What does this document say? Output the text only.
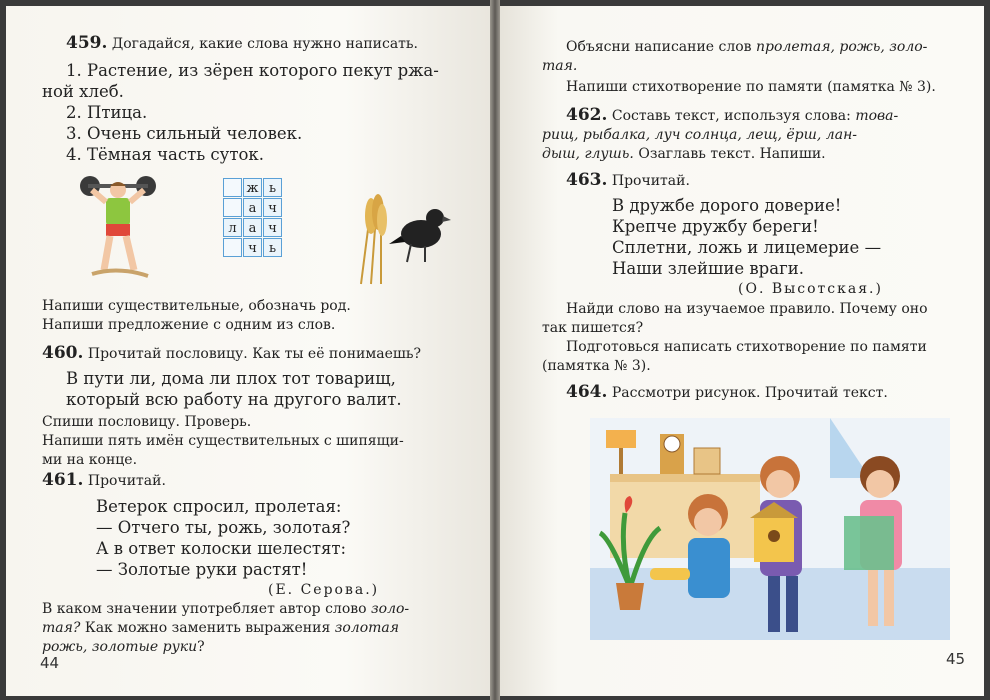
459. Догадайся, какие слова нужно написать.
1. Растение, из зёрен которого пекут ржа-
ной хлеб.
2. Птица.
3. Очень сильный человек.
4. Тёмная часть суток.
ж ь
а ч
л а ч
ч ь
Напиши существительные, обозначь род.
Напиши предложение с одним из слов.
460. Прочитай пословицу. Как ты её понимаешь?
В пути ли, дома ли плох тот товарищ,
который всю работу на другого валит.
Спиши пословицу. Проверь.
Напиши пять имён существительных с шипящи-
ми на конце.
461. Прочитай.
Ветерок спросил, пролетая:
— Отчего ты, рожь, золотая?
А в ответ колоски шелестят:
— Золотые руки растят!
(Е. Серова.)
В каком значении употребляет автор слово золо-
тая? Как можно заменить выражения золотая
рожь, золотые руки?
44
Объясни написание слов пролетая, рожь, золо-
тая.
Напиши стихотворение по памяти (памятка № 3).
462. Составь текст, используя слова: това-
рищ, рыбалка, луч солнца, лещ, ёрш, лан-
дыш, глушь. Озаглавь текст. Напиши.
463. Прочитай.
В дружбе дорого доверие!
Крепче дружбу береги!
Сплетни, ложь и лицемерие —
Наши злейшие враги.
(О. Высотская.)
Найди слово на изучаемое правило. Почему оно
так пишется?
Подготовься написать стихотворение по памяти
(памятка № 3).
464. Рассмотри рисунок. Прочитай текст.
45
